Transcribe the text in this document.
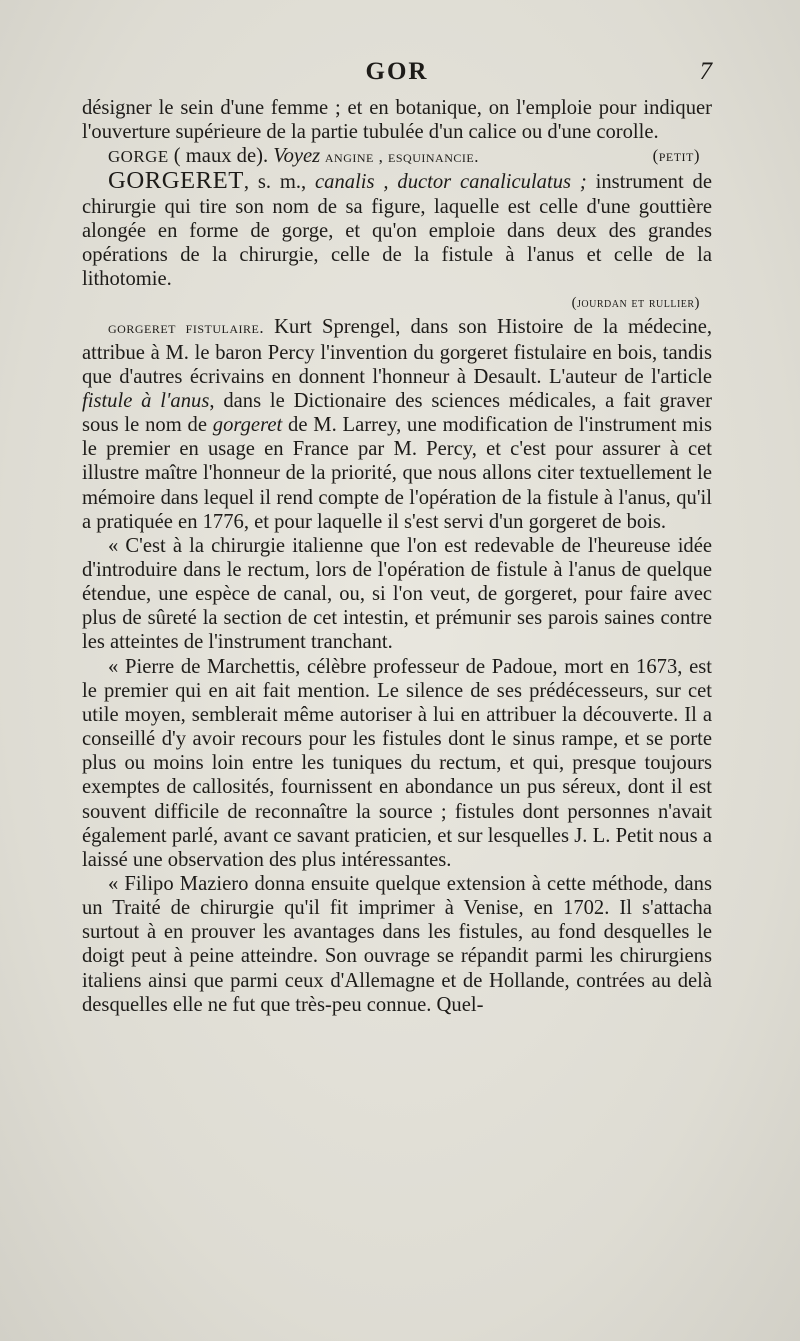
GOR	7

désigner le sein d'une femme ; et en botanique, on l'emploie pour indiquer l'ouverture supérieure de la partie tubulée d'un calice ou d'une corolle.

GORGE ( maux de). Voyez angine , esquinancie.	(petit)

GORGERET, s. m., canalis , ductor canaliculatus ; instrument de chirurgie qui tire son nom de sa figure, laquelle est celle d'une gouttière alongée en forme de gorge, et qu'on emploie dans deux des grandes opérations de la chirurgie, celle de la fistule à l'anus et celle de la lithotomie.

(jourdan et rullier)

gorgeret fistulaire. Kurt Sprengel, dans son Histoire de la médecine, attribue à M. le baron Percy l'invention du gorgeret fistulaire en bois, tandis que d'autres écrivains en donnent l'honneur à Desault. L'auteur de l'article fistule à l'anus, dans le Dictionaire des sciences médicales, a fait graver sous le nom de gorgeret de M. Larrey, une modification de l'instrument mis le premier en usage en France par M. Percy, et c'est pour assurer à cet illustre maître l'honneur de la priorité, que nous allons citer textuellement le mémoire dans lequel il rend compte de l'opération de la fistule à l'anus, qu'il a pratiquée en 1776, et pour laquelle il s'est servi d'un gorgeret de bois.

« C'est à la chirurgie italienne que l'on est redevable de l'heureuse idée d'introduire dans le rectum, lors de l'opération de fistule à l'anus de quelque étendue, une espèce de canal, ou, si l'on veut, de gorgeret, pour faire avec plus de sûreté la section de cet intestin, et prémunir ses parois saines contre les atteintes de l'instrument tranchant.

« Pierre de Marchettis, célèbre professeur de Padoue, mort en 1673, est le premier qui en ait fait mention. Le silence de ses prédécesseurs, sur cet utile moyen, semblerait même autoriser à lui en attribuer la découverte. Il a conseillé d'y avoir recours pour les fistules dont le sinus rampe, et se porte plus ou moins loin entre les tuniques du rectum, et qui, presque toujours exemptes de callosités, fournissent en abondance un pus séreux, dont il est souvent difficile de reconnaître la source ; fistules dont personnes n'avait également parlé, avant ce savant praticien, et sur lesquelles J. L. Petit nous a laissé une observation des plus intéressantes.

« Filipo Maziero donna ensuite quelque extension à cette méthode, dans un Traité de chirurgie qu'il fit imprimer à Venise, en 1702. Il s'attacha surtout à en prouver les avantages dans les fistules, au fond desquelles le doigt peut à peine atteindre. Son ouvrage se répandit parmi les chirurgiens italiens ainsi que parmi ceux d'Allemagne et de Hollande, contrées au delà desquelles elle ne fut que très-peu connue. Quel-
